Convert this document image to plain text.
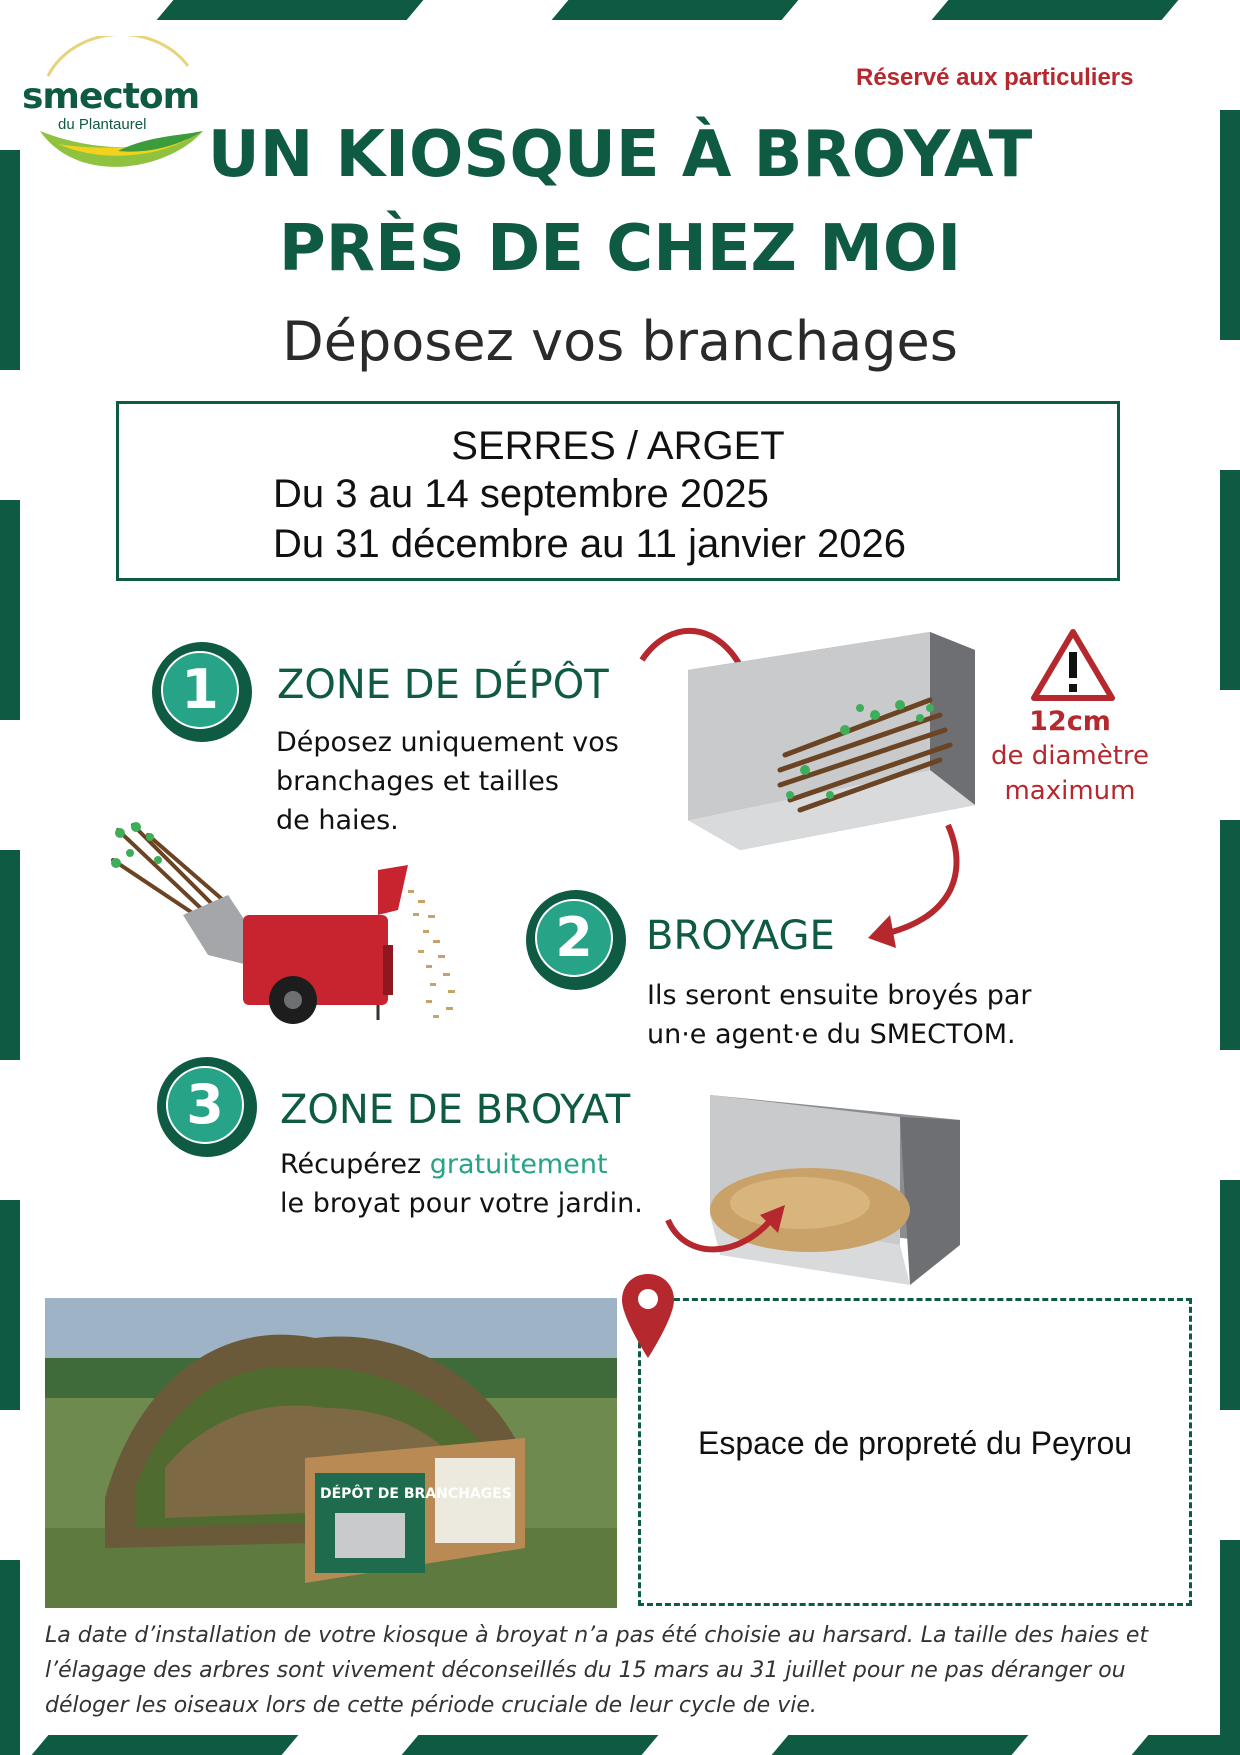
smectom
du Plantaurel
Réservé aux particuliers
UN KIOSQUE À BROYAT
PRÈS DE CHEZ MOI
Déposez vos branchages
SERRES / ARGET
Du 3 au 14 septembre 2025
Du 31 décembre au 11 janvier 2026
1	ZONE DE DÉPÔT
Déposez uniquement vos
branchages et tailles
de haies.
12cm
de diamètre
maximum
2	BROYAGE
Ils seront ensuite broyés par
un·e agent·e du SMECTOM.
3	ZONE DE BROYAT
Récupérez gratuitement
le broyat pour votre jardin.
DÉPÔT DE BRANCHAGES
Espace de propreté du Peyrou
La date d’installation de votre kiosque à broyat n’a pas été choisie au harsard. La taille des haies et l’élagage des arbres sont vivement déconseillés du 15 mars au 31 juillet pour ne pas déranger ou déloger les oiseaux lors de cette période cruciale de leur cycle de vie.
